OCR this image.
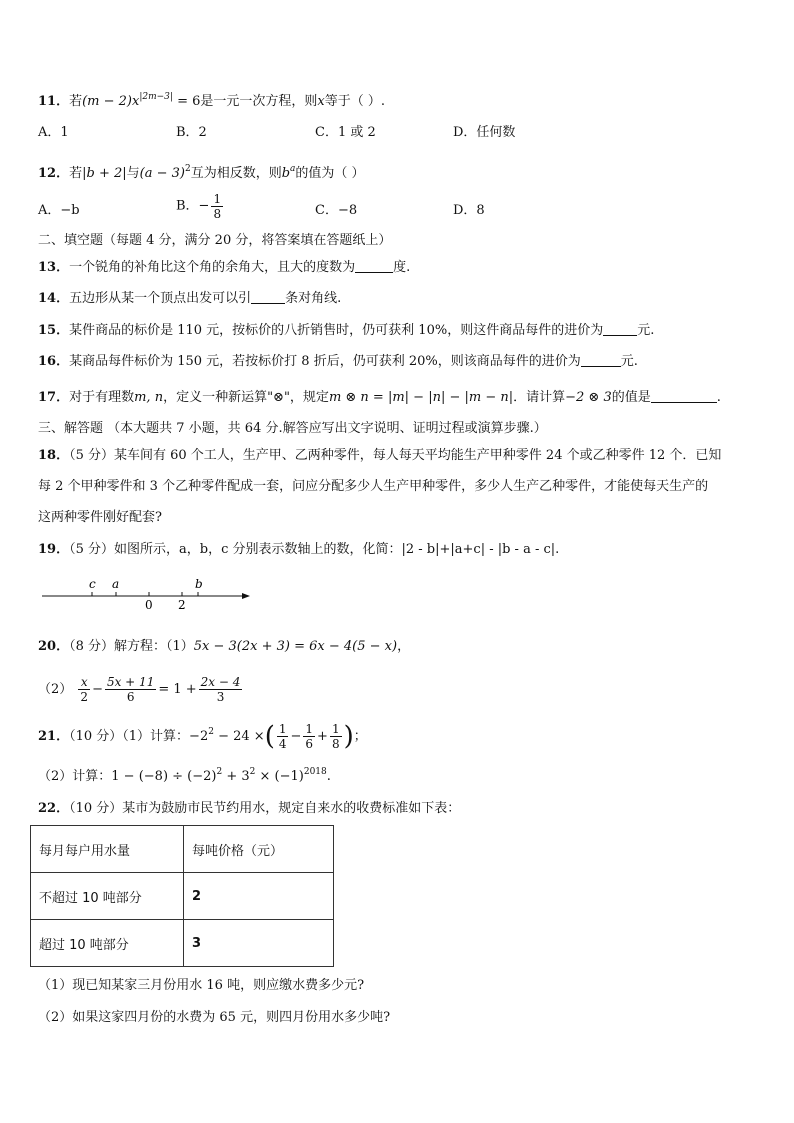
11．若$(m - 2)x^{|2m-3|} = 6$是一元一次方程，则x等于（ ）.
A．1	B．2	C．1 或 2	D．任何数
12．若|b + 2|与$(a - 3)^2$互为相反数，则$b^a$的值为（ ）
A．−b	B．− $\frac{1}{8}$	C．−8	D．8
二、填空题（每题 4 分，满分 20 分，将答案填在答题纸上）
13．一个锐角的补角比这个角的余角大，且大的度数为	度.
14．五边形从某一个顶点出发可以引	条对角线.
15．某件商品的标价是 110 元，按标价的八折销售时，仍可获利 10%，则这件商品每件的进价为	元.
16．某商品每件标价为 150 元，若按标价打 8 折后，仍可获利 20%，则该商品每件的进价为	元.
17．对于有理数m, n，定义一种新运算"⊗"，规定m ⊗ n = |m| − |n| − |m − n|．请计算−2 ⊗ 3的值是	.
三、解答题 （本大题共 7 小题，共 64 分.解答应写出文字说明、证明过程或演算步骤.）
18．（5 分）某车间有 60 个工人，生产甲、乙两种零件，每人每天平均能生产甲种零件 24 个或乙种零件 12 个．已知
每 2 个甲种零件和 3 个乙种零件配成一套，问应分配多少人生产甲种零件，多少人生产乙种零件，才能使每天生产的
这两种零件刚好配套?
19．（5 分）如图所示，a，b，c 分别表示数轴上的数，化简：|2 - b|+|a+c| - |b - a - c|.
c a	b
0 2
20．（8 分）解方程：（1）5x − 3(2x + 3) = 6x − 4(5 − x)，
$(2) \frac{x}{2} - \frac{5x + 11}{6} = 1 + \frac{2x - 4}{3}$
21．（10 分）（1）计算：$-2^2 - 24$ ×( $\frac{1}{4} - \frac{1}{6} + \frac{1}{8}$ )；
（2）计算：$1 - (-8) \div (-2)^2 + 3^2 \times (-1)^{2018}$.
22．（10 分）某市为鼓励市民节约用水，规定自来水的收费标准如下表：
每月每户用水量	每吨价格（元）
不超过 10 吨部分	2
超过 10 吨部分	3
（1）现已知某家三月份用水 16 吨，则应缴水费多少元?
（2）如果这家四月份的水费为 65 元，则四月份用水多少吨?
